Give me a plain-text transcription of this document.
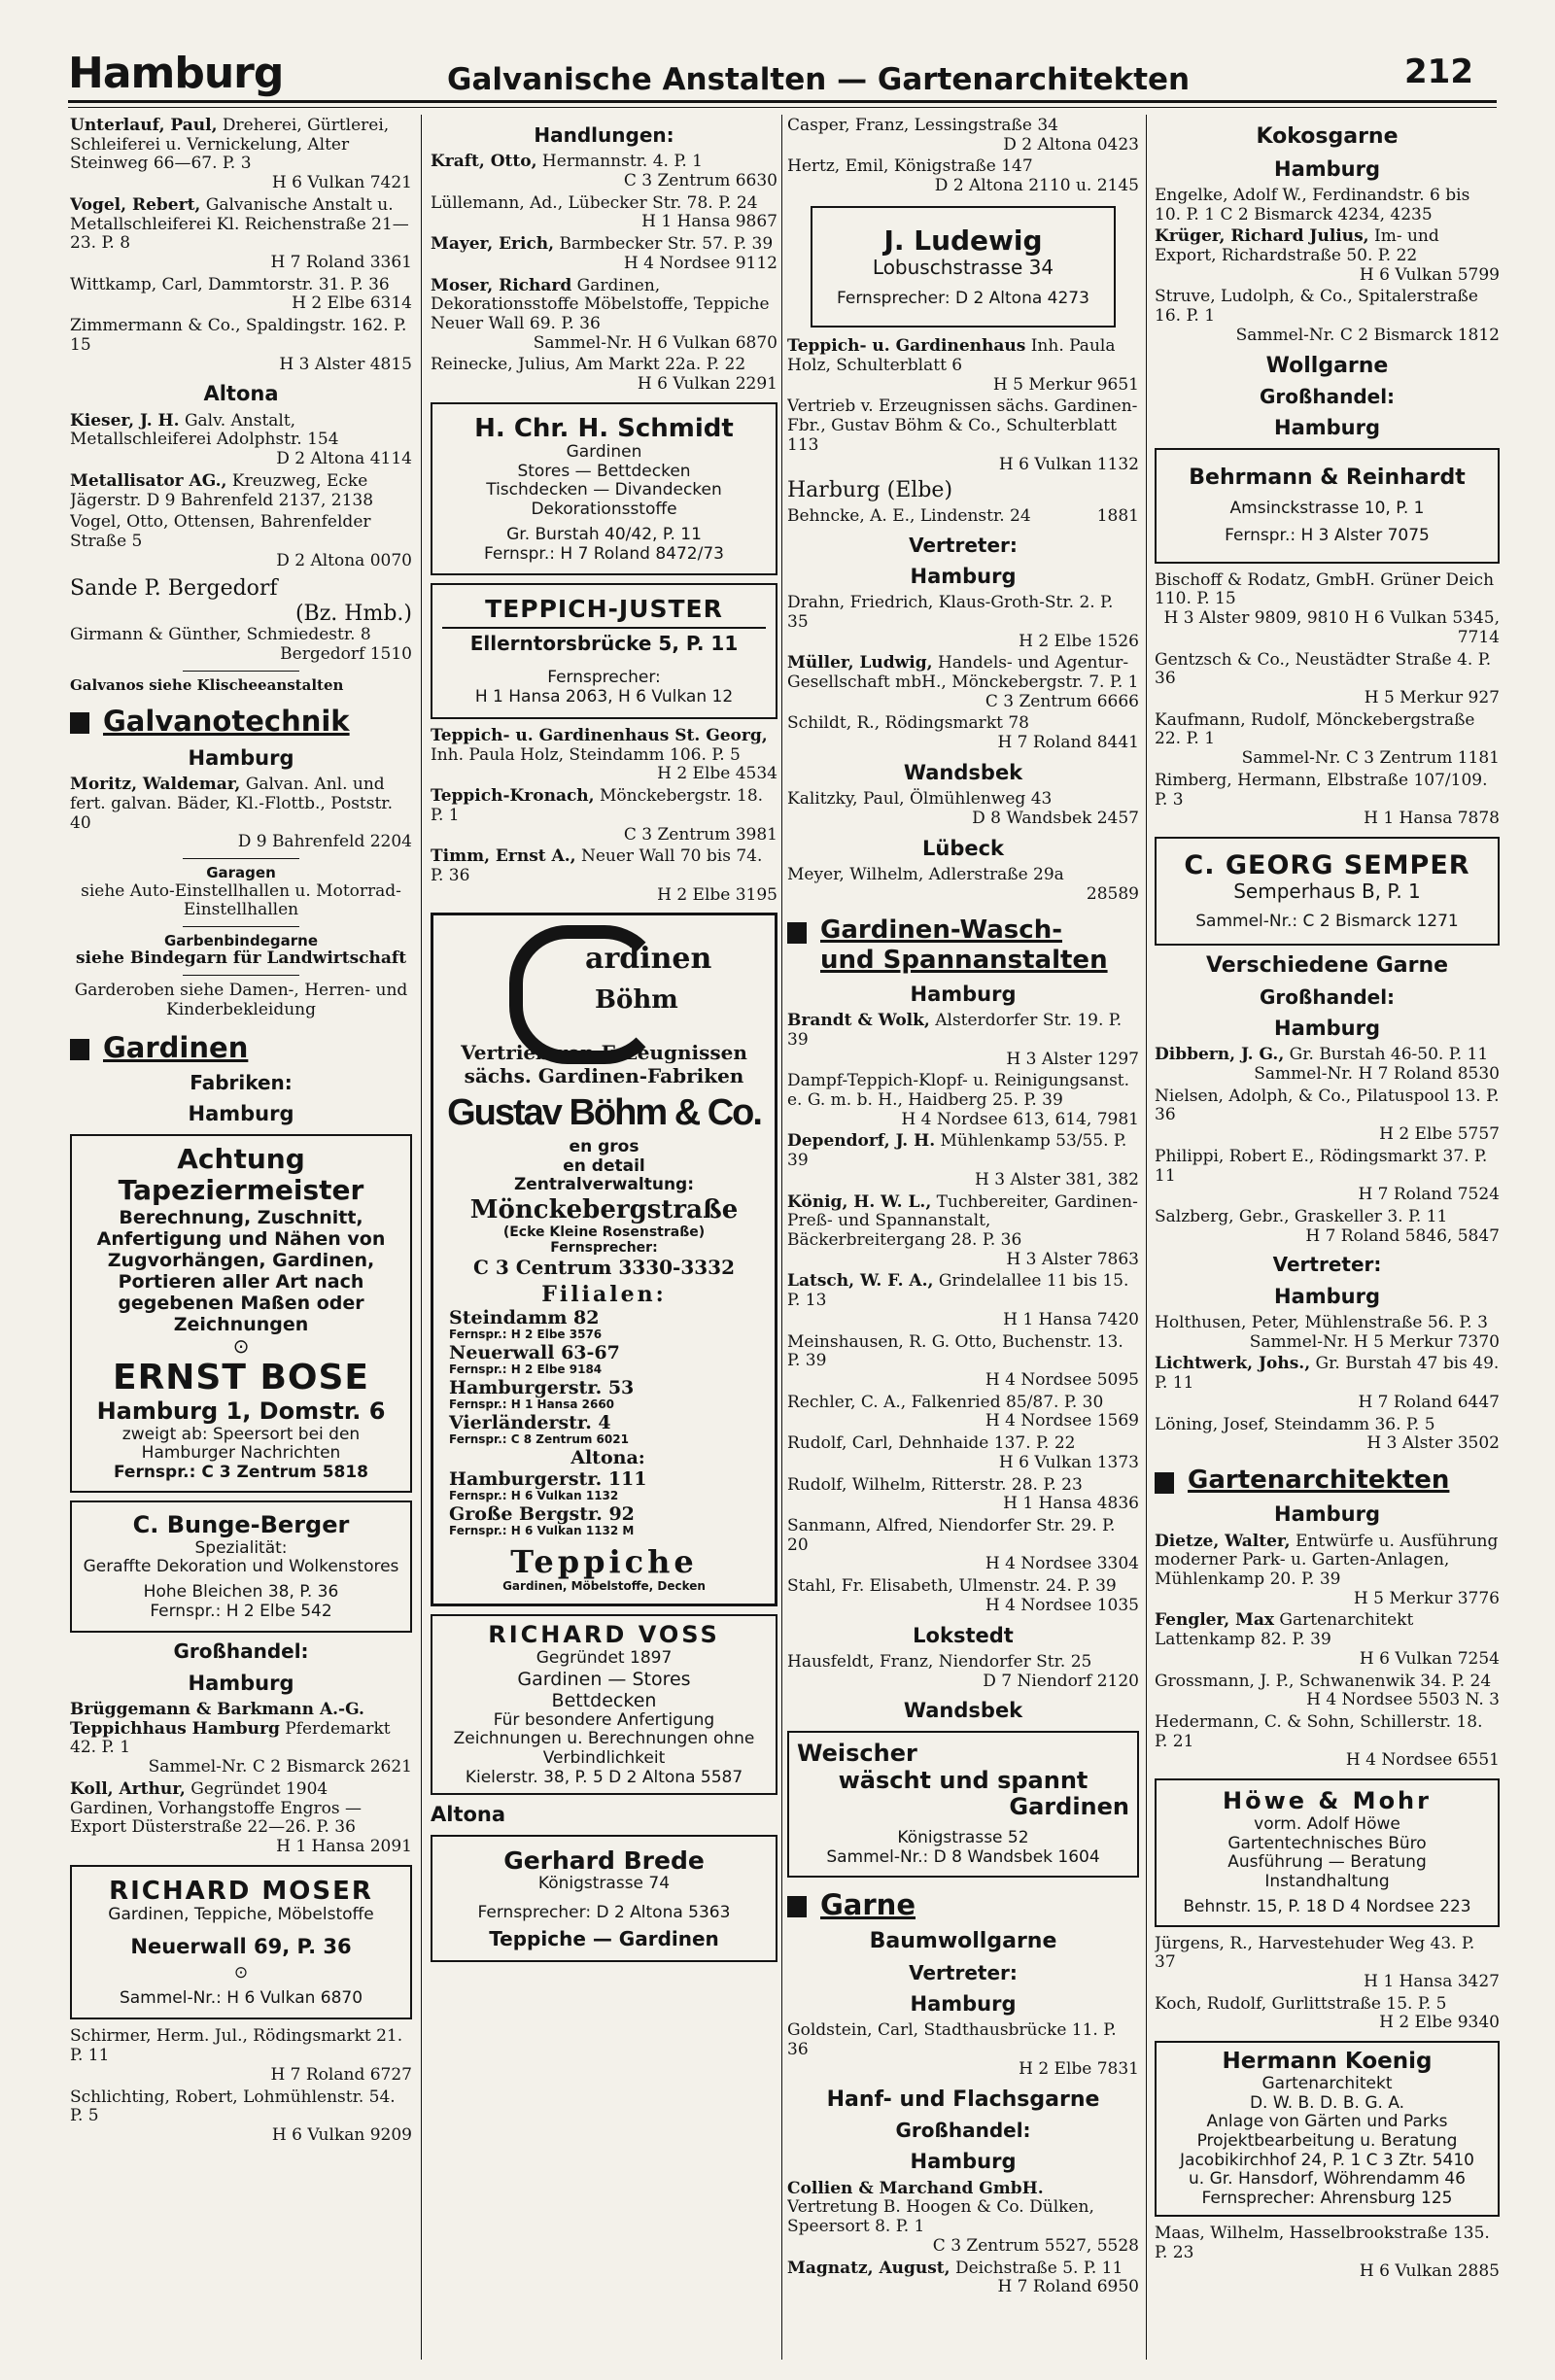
Hamburg	Galvanische Anstalten — Gartenarchitekten	212
Unterlauf, Paul, Dreherei, Gürtlerei, Schleiferei u. Vernickelung, Alter Steinweg 66—67. P. 3
H 6 Vulkan 7421
Vogel, Rebert, Galvanische Anstalt u. Metallschleiferei Kl. Reichenstraße 21—23. P. 8
H 7 Roland 3361
Wittkamp, Carl, Dammtorstr. 31. P. 36
H 2 Elbe 6314
Zimmermann & Co., Spaldingstr. 162. P. 15
H 3 Alster 4815
Altona
Kieser, J. H. Galv. Anstalt, Metallschleiferei Adolphstr. 154
D 2 Altona 4114
Metallisator AG., Kreuzweg, Ecke Jägerstr. D 9 Bahrenfeld 2137, 2138
Vogel, Otto, Ottensen, Bahrenfelder Straße 5
D 2 Altona 0070
Sande P. Bergedorf
(Bz. Hmb.)
Girmann & Günther, Schmiedestr. 8
Bergedorf 1510
Galvanos siehe Klischeeanstalten
Galvanotechnik
Hamburg
Moritz, Waldemar, Galvan. Anl. und fert. galvan. Bäder, Kl.-Flottb., Poststr. 40
D 9 Bahrenfeld 2204
Garagen
siehe Auto-Einstellhallen u. Motorrad-Einstellhallen
Garbenbindegarne
siehe Bindegarn für Landwirtschaft
Garderoben siehe Damen-, Herren- und Kinderbekleidung
Gardinen
Fabriken:
Hamburg
Achtung
Tapeziermeister
Berechnung, Zuschnitt, Anfertigung und Nähen von Zugvorhängen, Gardinen, Portieren aller Art nach gegebenen Maßen oder Zeichnungen
⊙
ERNST BOSE
Hamburg 1, Domstr. 6
zweigt ab: Speersort bei den Hamburger Nachrichten
Fernspr.: C 3 Zentrum 5818
C. Bunge-Berger
Spezialität:
Geraffte Dekoration und Wolkenstores
Hohe Bleichen 38, P. 36
Fernspr.: H 2 Elbe 542
Großhandel:
Hamburg
Brüggemann & Barkmann A.-G. Teppichhaus Hamburg Pferdemarkt 42. P. 1
Sammel-Nr. C 2 Bismarck 2621
Koll, Arthur, Gegründet 1904 Gardinen, Vorhangstoffe Engros — Export Düsterstraße 22—26. P. 36
H 1 Hansa 2091
RICHARD MOSER
Gardinen, Teppiche, Möbelstoffe
Neuerwall 69, P. 36
⊙
Sammel-Nr.: H 6 Vulkan 6870
Schirmer, Herm. Jul., Rödingsmarkt 21. P. 11
H 7 Roland 6727
Schlichting, Robert, Lohmühlenstr. 54. P. 5
H 6 Vulkan 9209
Handlungen:
Kraft, Otto, Hermannstr. 4. P. 1
C 3 Zentrum 6630
Lüllemann, Ad., Lübecker Str. 78. P. 24
H 1 Hansa 9867
Mayer, Erich, Barmbecker Str. 57. P. 39
H 4 Nordsee 9112
Moser, Richard Gardinen, Dekorationsstoffe Möbelstoffe, Teppiche Neuer Wall 69. P. 36
Sammel-Nr. H 6 Vulkan 6870
Reinecke, Julius, Am Markt 22a. P. 22
H 6 Vulkan 2291
H. Chr. H. Schmidt
Gardinen
Stores — Bettdecken
Tischdecken — Divandecken
Dekorationsstoffe
Gr. Burstah 40/42, P. 11
Fernspr.: H 7 Roland 8472/73
TEPPICH-JUSTER
Ellerntorsbrücke 5, P. 11
Fernsprecher:
H 1 Hansa 2063, H 6 Vulkan 12
Teppich- u. Gardinenhaus St. Georg, Inh. Paula Holz, Steindamm 106. P. 5
H 2 Elbe 4534
Teppich-Kronach, Mönckebergstr. 18. P. 1
C 3 Zentrum 3981
Timm, Ernst A., Neuer Wall 70 bis 74. P. 36
H 2 Elbe 3195
ardinen
Böhm
Vertrieb von Erzeugnissen
sächs. Gardinen-Fabriken
Gustav Böhm & Co.
en gros
en detail
Zentralverwaltung:
Mönckebergstraße
(Ecke Kleine Rosenstraße)
Fernsprecher:
C 3 Centrum 3330-3332
Filialen:
Steindamm 82
Fernspr.: H 2 Elbe 3576
Neuerwall 63-67
Fernspr.: H 2 Elbe 9184
Hamburgerstr. 53
Fernspr.: H 1 Hansa 2660
Vierländerstr. 4
Fernspr.: C 8 Zentrum 6021
Altona:
Hamburgerstr. 111
Fernspr.: H 6 Vulkan 1132
Große Bergstr. 92
Fernspr.: H 6 Vulkan 1132 M
Teppiche
Gardinen, Möbelstoffe, Decken
RICHARD VOSS
Gegründet 1897
Gardinen — Stores
Bettdecken
Für besondere Anfertigung Zeichnungen u. Berechnungen ohne Verbindlichkeit
Kielerstr. 38, P. 5 D 2 Altona 5587
Altona
Gerhard Brede
Königstrasse 74
Fernsprecher: D 2 Altona 5363
Teppiche — Gardinen
Casper, Franz, Lessingstraße 34
D 2 Altona 0423
Hertz, Emil, Königstraße 147
D 2 Altona 2110 u. 2145
J. Ludewig
Lobuschstrasse 34
Fernsprecher: D 2 Altona 4273
Teppich- u. Gardinenhaus Inh. Paula Holz, Schulterblatt 6
H 5 Merkur 9651
Vertrieb v. Erzeugnissen sächs. Gardinen-Fbr., Gustav Böhm & Co., Schulterblatt 113
H 6 Vulkan 1132
Harburg (Elbe)
Behncke, A. E., Lindenstr. 24	1881
Vertreter:
Hamburg
Drahn, Friedrich, Klaus-Groth-Str. 2. P. 35
H 2 Elbe 1526
Müller, Ludwig, Handels- und Agentur-Gesellschaft mbH., Mönckebergstr. 7. P. 1
C 3 Zentrum 6666
Schildt, R., Rödingsmarkt 78
H 7 Roland 8441
Wandsbek
Kalitzky, Paul, Ölmühlenweg 43
D 8 Wandsbek 2457
Lübeck
Meyer, Wilhelm, Adlerstraße 29a
28589
Gardinen-Wasch-
und Spannanstalten
Hamburg
Brandt & Wolk, Alsterdorfer Str. 19. P. 39
H 3 Alster 1297
Dampf-Teppich-Klopf- u. Reinigungsanst. e. G. m. b. H., Haidberg 25. P. 39
H 4 Nordsee 613, 614, 7981
Dependorf, J. H. Mühlenkamp 53/55. P. 39
H 3 Alster 381, 382
König, H. W. L., Tuchbereiter, Gardinen-Preß- und Spannanstalt, Bäckerbreitergang 28. P. 36
H 3 Alster 7863
Latsch, W. F. A., Grindelallee 11 bis 15. P. 13
H 1 Hansa 7420
Meinshausen, R. G. Otto, Buchenstr. 13. P. 39
H 4 Nordsee 5095
Rechler, C. A., Falkenried 85/87. P. 30
H 4 Nordsee 1569
Rudolf, Carl, Dehnhaide 137. P. 22
H 6 Vulkan 1373
Rudolf, Wilhelm, Ritterstr. 28. P. 23
H 1 Hansa 4836
Sanmann, Alfred, Niendorfer Str. 29. P. 20
H 4 Nordsee 3304
Stahl, Fr. Elisabeth, Ulmenstr. 24. P. 39
H 4 Nordsee 1035
Lokstedt
Hausfeldt, Franz, Niendorfer Str. 25
D 7 Niendorf 2120
Wandsbek
Weischer
wäscht und spannt
Gardinen
Königstrasse 52
Sammel-Nr.: D 8 Wandsbek 1604
Garne
Baumwollgarne
Vertreter:
Hamburg
Goldstein, Carl, Stadthausbrücke 11. P. 36
H 2 Elbe 7831
Hanf- und Flachsgarne
Großhandel:
Hamburg
Collien & Marchand GmbH. Vertretung B. Hoogen & Co. Dülken, Speersort 8. P. 1
C 3 Zentrum 5527, 5528
Magnatz, August, Deichstraße 5. P. 11
H 7 Roland 6950
Kokosgarne
Hamburg
Engelke, Adolf W., Ferdinandstr. 6 bis 10. P. 1 C 2 Bismarck 4234, 4235
Krüger, Richard Julius, Im- und Export, Richardstraße 50. P. 22
H 6 Vulkan 5799
Struve, Ludolph, & Co., Spitalerstraße 16. P. 1
Sammel-Nr. C 2 Bismarck 1812
Wollgarne
Großhandel:
Hamburg
Behrmann & Reinhardt
Amsinckstrasse 10, P. 1
Fernspr.: H 3 Alster 7075
Bischoff & Rodatz, GmbH. Grüner Deich 110. P. 15
H 3 Alster 9809, 9810 H 6 Vulkan 5345, 7714
Gentzsch & Co., Neustädter Straße 4. P. 36
H 5 Merkur 927
Kaufmann, Rudolf, Mönckebergstraße 22. P. 1
Sammel-Nr. C 3 Zentrum 1181
Rimberg, Hermann, Elbstraße 107/109. P. 3
H 1 Hansa 7878
C. GEORG SEMPER
Semperhaus B, P. 1
Sammel-Nr.: C 2 Bismarck 1271
Verschiedene Garne
Großhandel:
Hamburg
Dibbern, J. G., Gr. Burstah 46-50. P. 11
Sammel-Nr. H 7 Roland 8530
Nielsen, Adolph, & Co., Pilatuspool 13. P. 36
H 2 Elbe 5757
Philippi, Robert E., Rödingsmarkt 37. P. 11
H 7 Roland 7524
Salzberg, Gebr., Graskeller 3. P. 11
H 7 Roland 5846, 5847
Vertreter:
Hamburg
Holthusen, Peter, Mühlenstraße 56. P. 3
Sammel-Nr. H 5 Merkur 7370
Lichtwerk, Johs., Gr. Burstah 47 bis 49. P. 11
H 7 Roland 6447
Löning, Josef, Steindamm 36. P. 5
H 3 Alster 3502
Gartenarchitekten
Hamburg
Dietze, Walter, Entwürfe u. Ausführung moderner Park- u. Garten-Anlagen, Mühlenkamp 20. P. 39
H 5 Merkur 3776
Fengler, Max Gartenarchitekt Lattenkamp 82. P. 39
H 6 Vulkan 7254
Grossmann, J. P., Schwanenwik 34. P. 24
H 4 Nordsee 5503 N. 3
Hedermann, C. & Sohn, Schillerstr. 18. P. 21
H 4 Nordsee 6551
Höwe & Mohr
vorm. Adolf Höwe
Gartentechnisches Büro
Ausführung — Beratung
Instandhaltung
Behnstr. 15, P. 18 D 4 Nordsee 223
Jürgens, R., Harvestehuder Weg 43. P. 37
H 1 Hansa 3427
Koch, Rudolf, Gurlittstraße 15. P. 5
H 2 Elbe 9340
Hermann Koenig
Gartenarchitekt
D. W. B. D. B. G. A.
Anlage von Gärten und Parks
Projektbearbeitung u. Beratung
Jacobikirchhof 24, P. 1 C 3 Ztr. 5410
u. Gr. Hansdorf, Wöhrendamm 46
Fernsprecher: Ahrensburg 125
Maas, Wilhelm, Hasselbrookstraße 135. P. 23
H 6 Vulkan 2885
